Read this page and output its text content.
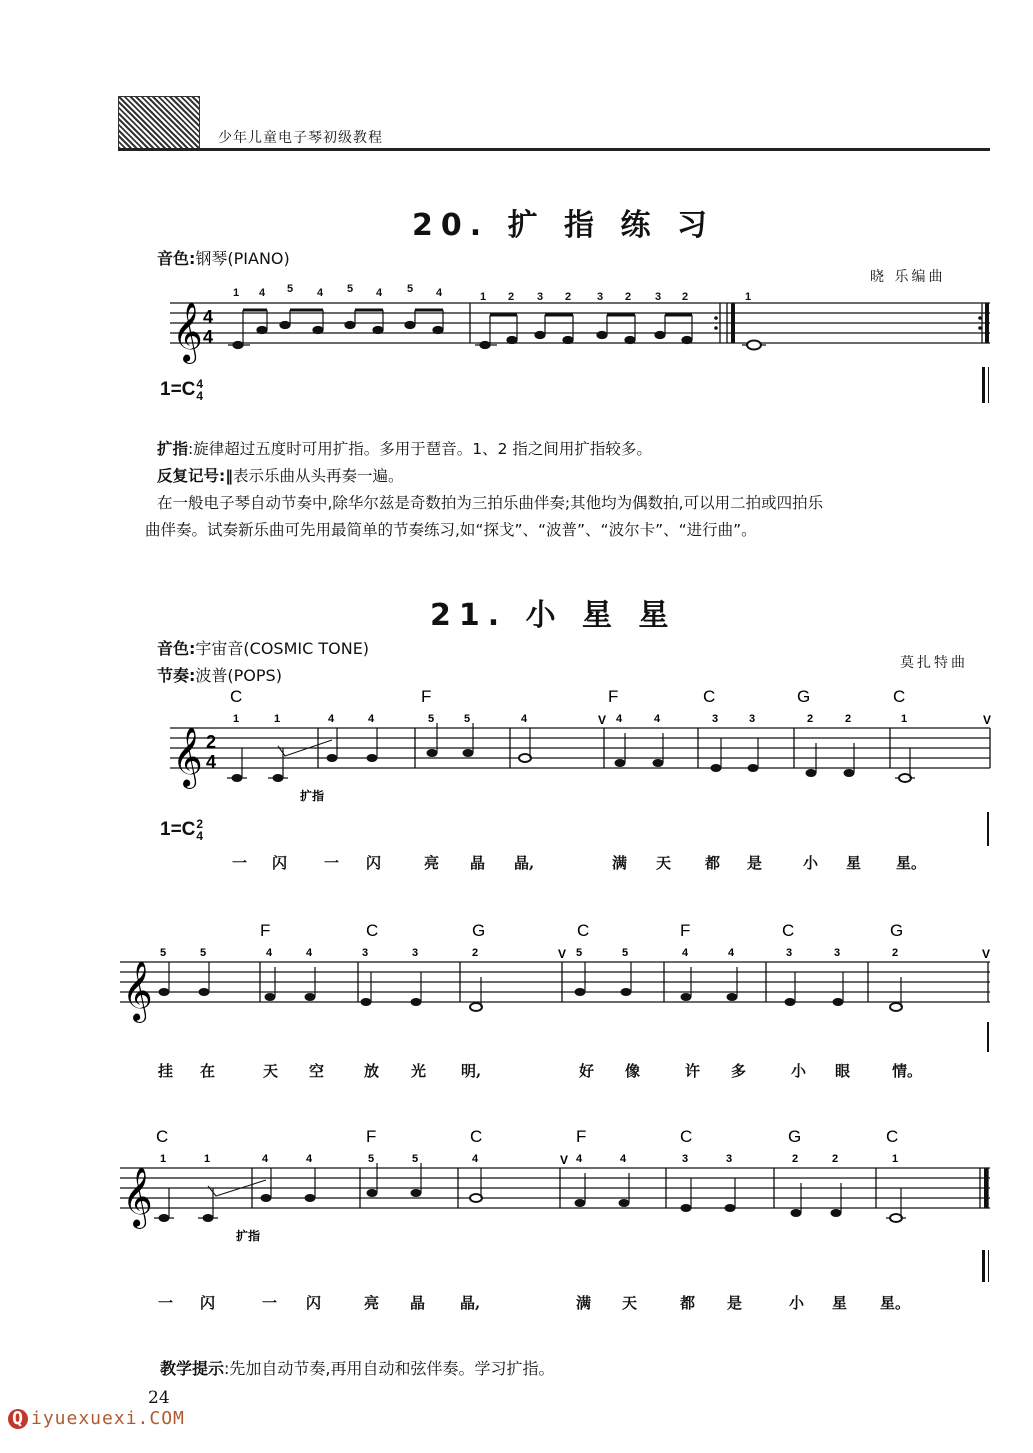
少年儿童电子琴初级教程
20. 扩 指 练 习
音色:钢琴(PIANO)
晓 乐编曲
𝄞 4
4
1 4 5 4 5 4 5 4	1 2 3 2 3 2 3 2	1
1=C4
4
扩指:旋律超过五度时可用扩指。多用于琶音。1、2 指之间用扩指较多。
反复记号:‖表示乐曲从头再奏一遍。
在一般电子琴自动节奏中,除华尔兹是奇数拍为三拍乐曲伴奏;其他均为偶数拍,可以用二拍或四拍乐
曲伴奏。试奏新乐曲可先用最简单的节奏练习,如“探戈”、“波普”、“波尔卡”、“进行曲”。
21. 小 星 星
音色:宇宙音(COSMIC TONE)
节奏:波普(POPS)
莫扎特曲
𝄞 2
4
1	1	4	4	5	5	4	4	4	3	3	2	2	1
C	F	F	C	G	C
V	V
扩指
1=C2
4
一 闪 一 闪	亮 晶 晶,	满 天 都 是	小 星 星。
𝄞
5	5	4	4	3	3	2	5	5	4	4	3	3	2
F	C	G	C	F	C	G
V	V
挂 在	天 空	放 光 明,	好 像	许 多	小 眼	情。
𝄞
1	1	4	4	5	5	4	4	4	3	3	2	2	1
C	F	C	F	C	G	C
V
扩指
一 闪	一 闪	亮 晶 晶,	满 天	都 是	小 星 星。
教学提示:先加自动节奏,再用自动和弦伴奏。学习扩指。
24
Q iyuexuexi.COM
